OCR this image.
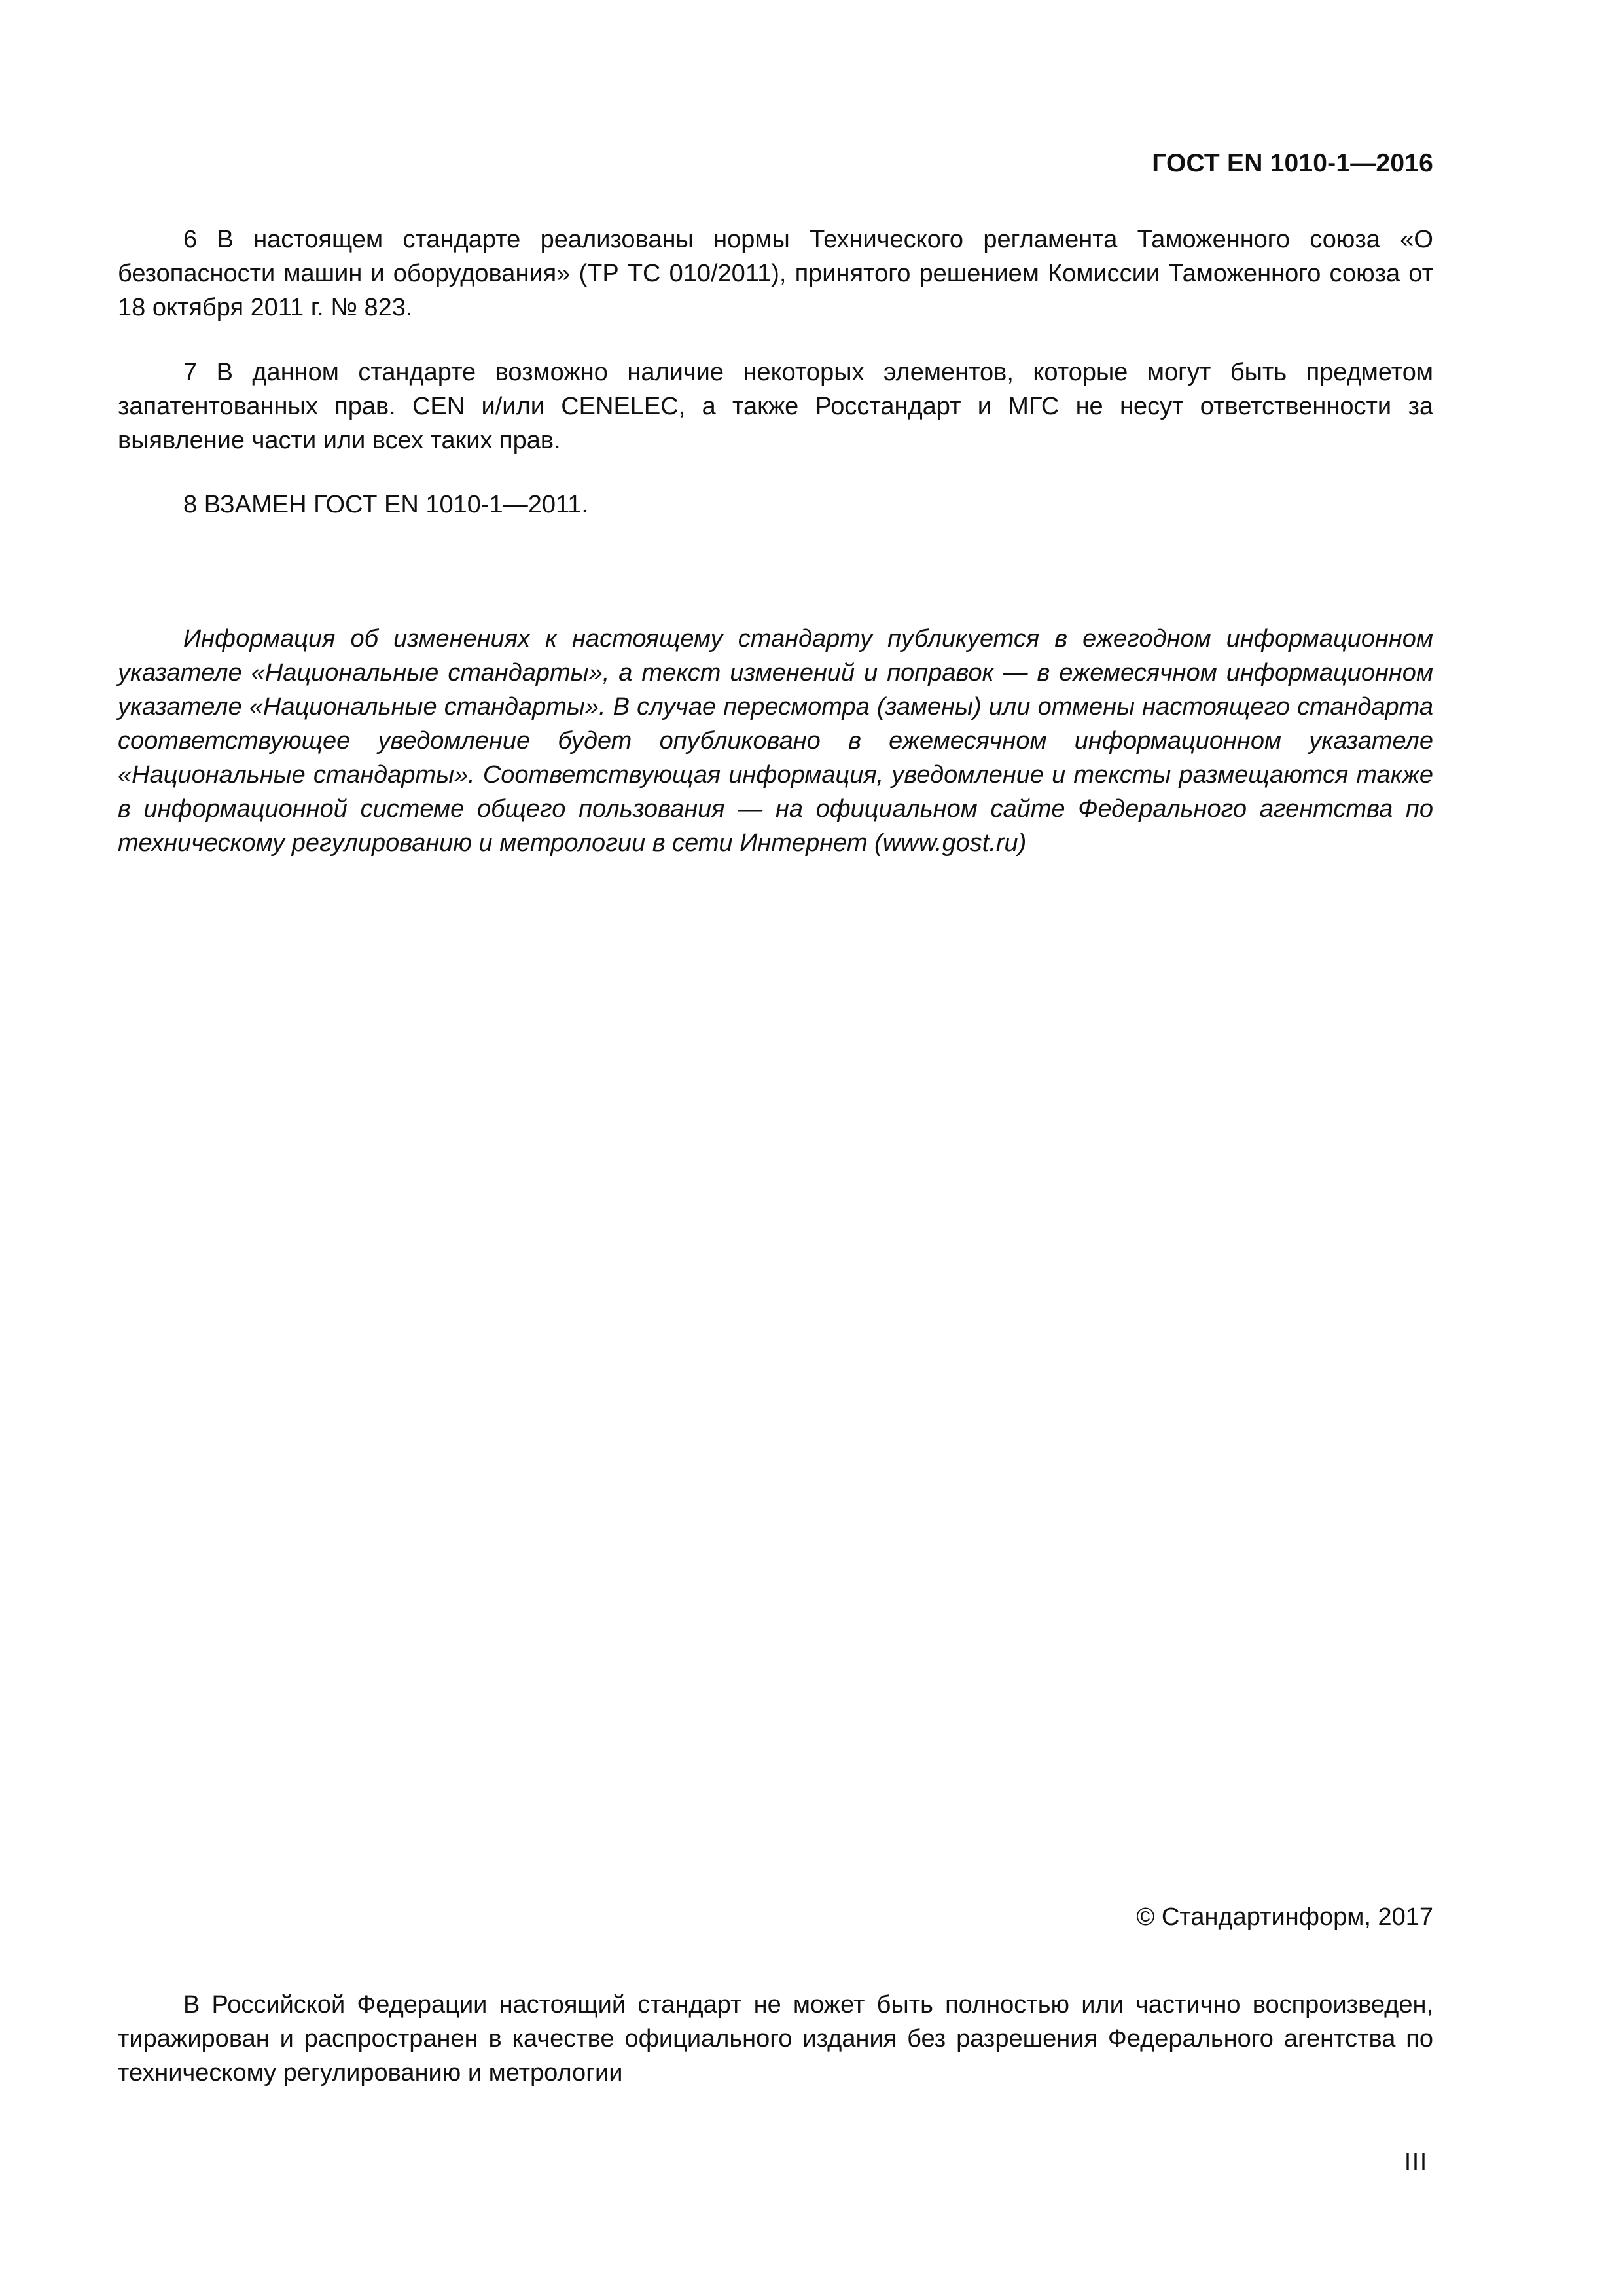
ГОСТ EN 1010-1—2016

6 В настоящем стандарте реализованы нормы Технического регламента Таможенного союза «О безопасности машин и оборудования» (ТР ТС 010/2011), принятого решением Комиссии Таможенного союза от 18 октября 2011 г. № 823.

7 В данном стандарте возможно наличие некоторых элементов, которые могут быть предметом запатентованных прав. CEN и/или CENELEC, а также Росстандарт и МГС не несут ответственности за выявление части или всех таких прав.

8 ВЗАМЕН ГОСТ EN 1010-1—2011.

Информация об изменениях к настоящему стандарту публикуется в ежегодном информационном указателе «Национальные стандарты», а текст изменений и поправок — в ежемесячном информационном указателе «Национальные стандарты». В случае пересмотра (замены) или отмены настоящего стандарта соответствующее уведомление будет опубликовано в ежемесячном информационном указателе «Национальные стандарты». Соответствующая информация, уведомление и тексты размещаются также в информационной системе общего пользования — на официальном сайте Федерального агентства по техническому регулированию и метрологии в сети Интернет (www.gost.ru)

© Стандартинформ, 2017

В Российской Федерации настоящий стандарт не может быть полностью или частично воспроизведен, тиражирован и распространен в качестве официального издания без разрешения Федерального агентства по техническому регулированию и метрологии

III
